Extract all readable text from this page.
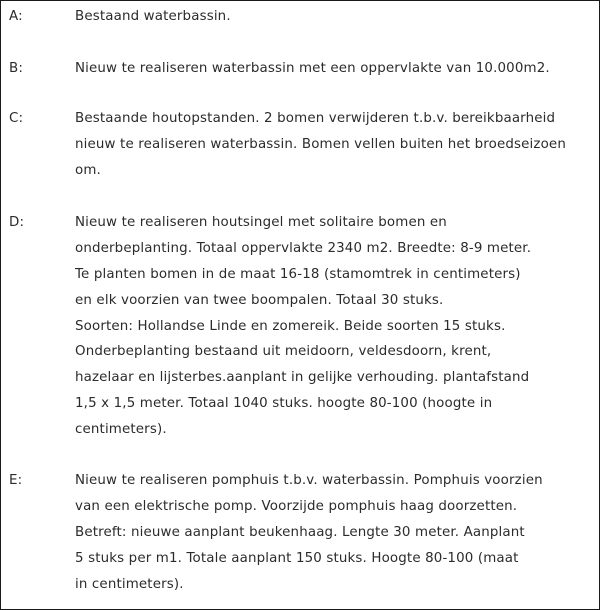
A:	Bestaand waterbassin.
B:	Nieuw te realiseren waterbassin met een oppervlakte van 10.000m2.
C:	Bestaande houtopstanden. 2 bomen verwijderen t.b.v. bereikbaarheid
nieuw te realiseren waterbassin. Bomen vellen buiten het broedseizoen
om.
D:	Nieuw te realiseren houtsingel met solitaire bomen en
onderbeplanting. Totaal oppervlakte 2340 m2. Breedte: 8-9 meter.
Te planten bomen in de maat 16-18 (stamomtrek in centimeters)
en elk voorzien van twee boompalen. Totaal 30 stuks.
Soorten: Hollandse Linde en zomereik. Beide soorten 15 stuks.
Onderbeplanting bestaand uit meidoorn, veldesdoorn, krent,
hazelaar en lijsterbes.aanplant in gelijke verhouding. plantafstand
1,5 x 1,5 meter. Totaal 1040 stuks. hoogte 80-100 (hoogte in
centimeters).
E:	Nieuw te realiseren pomphuis t.b.v. waterbassin. Pomphuis voorzien
van een elektrische pomp. Voorzijde pomphuis haag doorzetten.
Betreft: nieuwe aanplant beukenhaag. Lengte 30 meter. Aanplant
5 stuks per m1. Totale aanplant 150 stuks. Hoogte 80-100 (maat
in centimeters).
